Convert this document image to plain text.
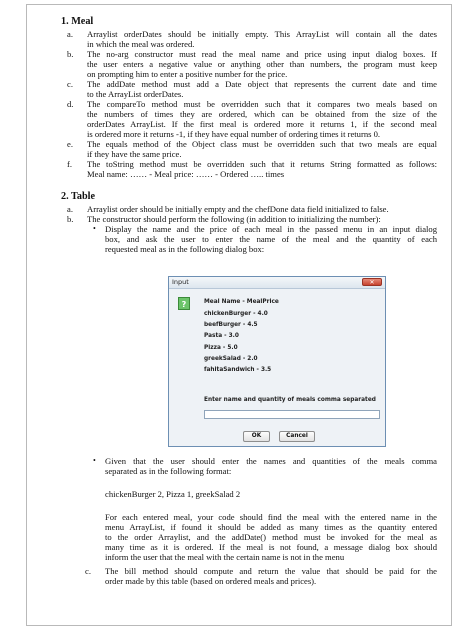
1. Meal
a. Arraylist orderDates should be initially empty. This ArrayList will contain all the dates
in which the meal was ordered.
b. The no-arg constructor must read the meal name and price using input dialog boxes. If
the user enters a negative value or anything other than numbers, the program must keep
on prompting him to enter a positive number for the price.
c. The addDate method must add a Date object that represents the current date and time
to the ArrayList orderDates.
d. The compareTo method must be overridden such that it compares two meals based on
the numbers of times they are ordered, which can be obtained from the size of the
orderDates ArrayList. If the first meal is ordered more it returns 1, if the second meal
is ordered more it returns -1, if they have equal number of ordering times it returns 0.
e. The equals method of the Object class must be overridden such that two meals are equal
if they have the same price.
f. The toString method must be overridden such that it returns String formatted as follows:
Meal name: …… - Meal price: …… - Ordered ….. times
2. Table
a. Arraylist order should be initially empty and the chefDone data field initialized to false.
b. The constructor should perform the following (in addition to initializing the number):
• Display the name and the price of each meal in the passed menu in an input dialog
box, and ask the user to enter the name of the meal and the quantity of each
requested meal as in the following dialog box:
• Given that the user should enter the names and quantities of the meals comma
separated as in the following format:
chickenBurger 2, Pizza 1, greekSalad 2
For each entered meal, your code should find the meal with the entered name in the
menu ArrayList, if found it should be added as many times as the quantity entered
to the order Arraylist, and the addDate() method must be invoked for the meal as
many time as it is ordered. If the meal is not found, a message dialog box should
inform the user that the meal with the certain name is not in the menu
c. The bill method should compute and return the value that should be paid for the
order made by this table (based on ordered meals and prices).
Input	✕
?	Meal Name - MealPrice
chickenBurger - 4.0
beefBurger - 4.5
Pasta - 3.0
Pizza - 5.0
greekSalad - 2.0
fahitaSandwich - 3.5
Enter name and quantity of meals comma separated
OK	Cancel
